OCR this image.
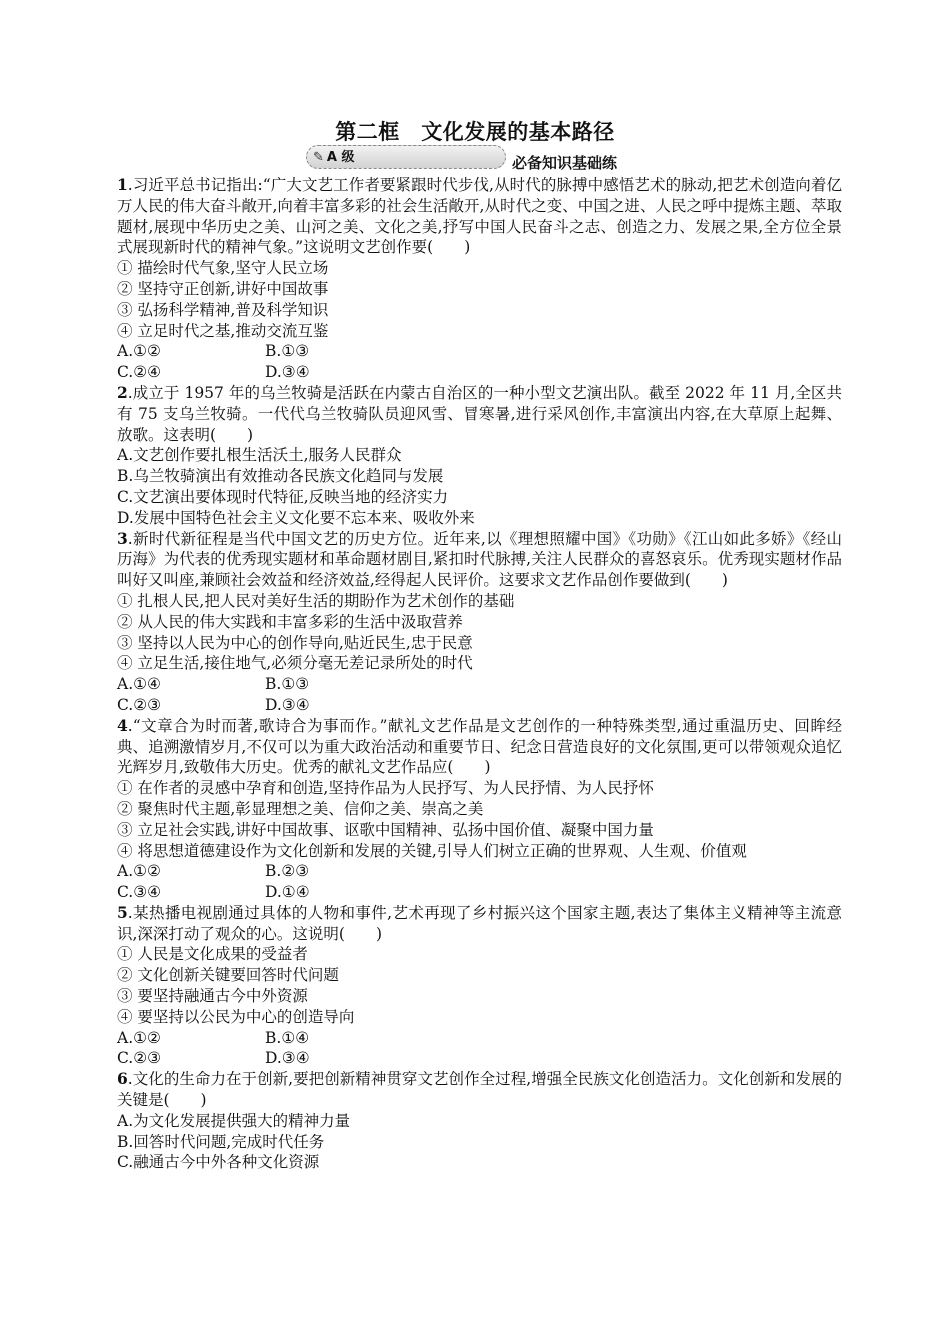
第二框　文化发展的基本路径
✎ A 级	必备知识基础练
1.习近平总书记指出:“广大文艺工作者要紧跟时代步伐,从时代的脉搏中感悟艺术的脉动,把艺术创造向着亿万人民的伟大奋斗敞开,向着丰富多彩的社会生活敞开,从时代之变、中国之进、人民之呼中提炼主题、萃取题材,展现中华历史之美、山河之美、文化之美,抒写中国人民奋斗之志、创造之力、发展之果,全方位全景式展现新时代的精神气象。”这说明文艺创作要(　　)
① 描绘时代气象,坚守人民立场
② 坚持守正创新,讲好中国故事
③ 弘扬科学精神,普及科学知识
④ 立足时代之基,推动交流互鉴
A.①②	B.①③
C.②④	D.③④
2.成立于 1957 年的乌兰牧骑是活跃在内蒙古自治区的一种小型文艺演出队。截至 2022 年 11 月,全区共有 75 支乌兰牧骑。一代代乌兰牧骑队员迎风雪、冒寒暑,进行采风创作,丰富演出内容,在大草原上起舞、放歌。这表明(　　)
A.文艺创作要扎根生活沃土,服务人民群众
B.乌兰牧骑演出有效推动各民族文化趋同与发展
C.文艺演出要体现时代特征,反映当地的经济实力
D.发展中国特色社会主义文化要不忘本来、吸收外来
3.新时代新征程是当代中国文艺的历史方位。近年来,以《理想照耀中国》《功勋》《江山如此多娇》《经山历海》为代表的优秀现实题材和革命题材剧目,紧扣时代脉搏,关注人民群众的喜怒哀乐。优秀现实题材作品叫好又叫座,兼顾社会效益和经济效益,经得起人民评价。这要求文艺作品创作要做到(　　)
① 扎根人民,把人民对美好生活的期盼作为艺术创作的基础
② 从人民的伟大实践和丰富多彩的生活中汲取营养
③ 坚持以人民为中心的创作导向,贴近民生,忠于民意
④ 立足生活,接住地气,必须分毫无差记录所处的时代
A.①④	B.①③
C.②③	D.③④
4.“文章合为时而著,歌诗合为事而作。”献礼文艺作品是文艺创作的一种特殊类型,通过重温历史、回眸经典、追溯激情岁月,不仅可以为重大政治活动和重要节日、纪念日营造良好的文化氛围,更可以带领观众追忆光辉岁月,致敬伟大历史。优秀的献礼文艺作品应(　　)
① 在作者的灵感中孕育和创造,坚持作品为人民抒写、为人民抒情、为人民抒怀
② 聚焦时代主题,彰显理想之美、信仰之美、崇高之美
③ 立足社会实践,讲好中国故事、讴歌中国精神、弘扬中国价值、凝聚中国力量
④ 将思想道德建设作为文化创新和发展的关键,引导人们树立正确的世界观、人生观、价值观
A.①②	B.②③
C.③④	D.①④
5.某热播电视剧通过具体的人物和事件,艺术再现了乡村振兴这个国家主题,表达了集体主义精神等主流意识,深深打动了观众的心。这说明(　　)
① 人民是文化成果的受益者
② 文化创新关键要回答时代问题
③ 要坚持融通古今中外资源
④ 要坚持以公民为中心的创造导向
A.①②	B.①④
C.②③	D.③④
6.文化的生命力在于创新,要把创新精神贯穿文艺创作全过程,增强全民族文化创造活力。文化创新和发展的关键是(　　)
A.为文化发展提供强大的精神力量
B.回答时代问题,完成时代任务
C.融通古今中外各种文化资源
